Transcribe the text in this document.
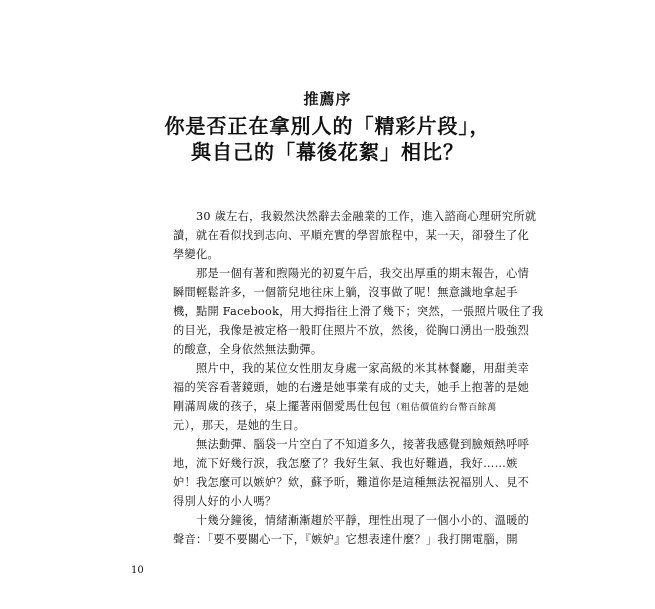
推薦序
你是否正在拿別人的「精彩片段」，
與自己的「幕後花絮」相比？
30 歲左右，我毅然決然辭去金融業的工作，進入諮商心理研究所就
讀，就在看似找到志向、平順充實的學習旅程中，某一天，卻發生了化
學變化。
那是一個有著和煦陽光的初夏午后，我交出厚重的期末報告，心情
瞬間輕鬆許多，一個箭兒地往床上躺，沒事做了呢！無意識地拿起手
機，點開 Facebook，用大拇指往上滑了幾下；突然，一張照片吸住了我
的目光，我像是被定格一般盯住照片不放，然後，從胸口湧出一股強烈
的酸意，全身依然無法動彈。
照片中，我的某位女性朋友身處一家高級的米其林餐廳，用甜美幸
福的笑容看著鏡頭，她的右邊是她事業有成的丈夫，她手上抱著的是她
剛滿周歲的孩子，桌上擺著兩個愛馬仕包包（粗估價值約台幣百餘萬
元），那天，是她的生日。
無法動彈、腦袋一片空白了不知道多久，接著我感覺到臉頰熱呼呼
地，流下好幾行淚，我怎麼了？我好生氣、我也好難過，我好……嫉
妒！我怎麼可以嫉妒？欸，蘇予昕，難道你是這種無法祝福別人、見不
得別人好的小人嗎？
十幾分鐘後，情緒漸漸趨於平靜，理性出現了一個小小的、溫暖的
聲音：「要不要關心一下，『嫉妒』它想表達什麼？」我打開電腦，開
10
